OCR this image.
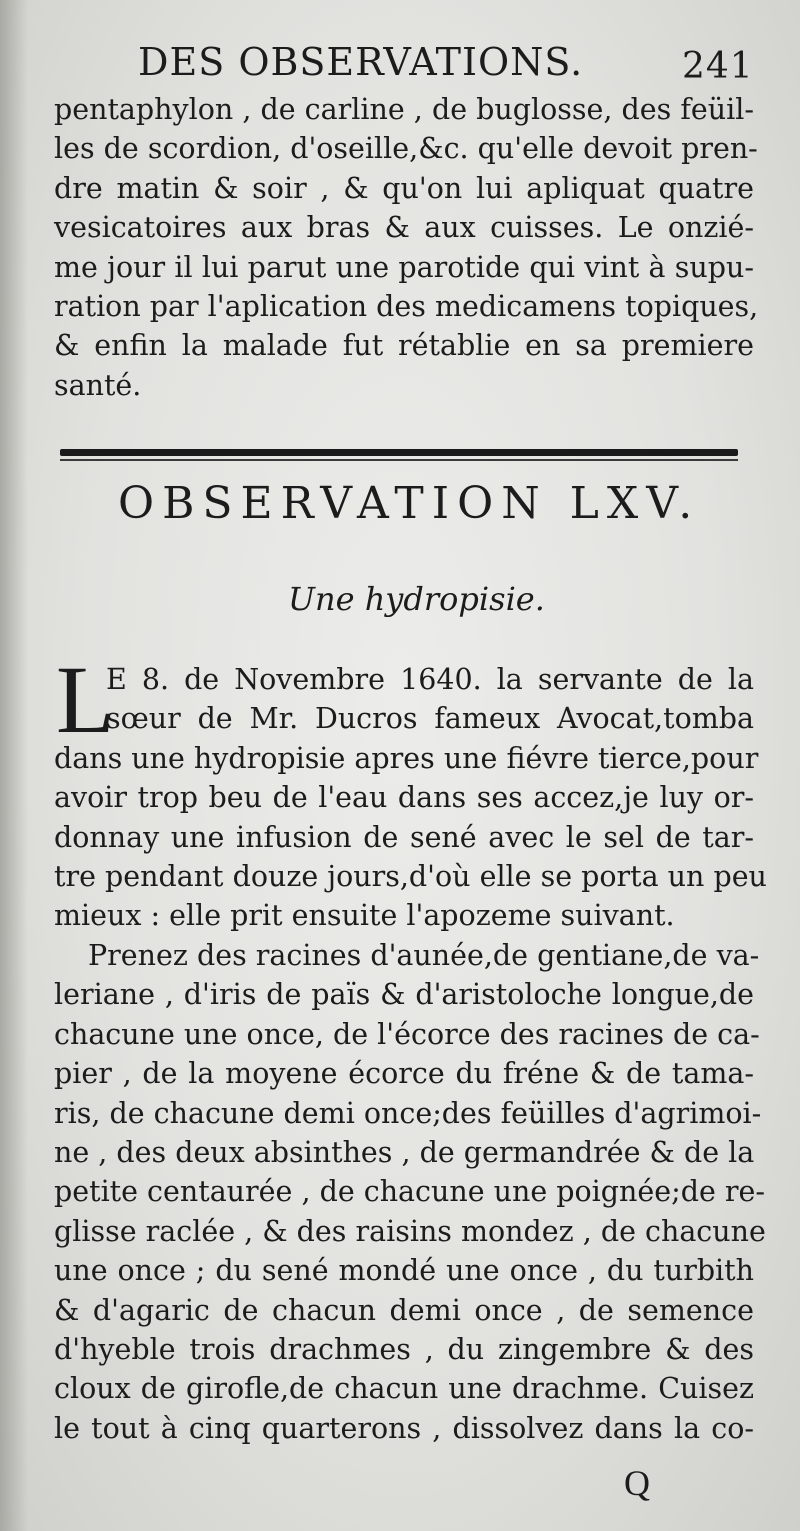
DES OBSERVATIONS.	241
pentaphylon , de carline , de buglosse, des feüil-
les de scordion, d'oseille,&c. qu'elle devoit pren-
dre matin & soir , & qu'on lui apliquat quatre
vesicatoires aux bras & aux cuisses. Le onzié-
me jour il lui parut une parotide qui vint à supu-
ration par l'aplication des medicamens topiques,
& enfin la malade fut rétablie en sa premiere
santé.
OBSERVATION LXV.
Une hydropisie.
L
E 8. de Novembre 1640. la servante de la
sœur de Mr. Ducros fameux Avocat,tomba
dans une hydropisie apres une fiévre tierce,pour
avoir trop beu de l'eau dans ses accez,je luy or-
donnay une infusion de sené avec le sel de tar-
tre pendant douze jours,d'où elle se porta un peu
mieux : elle prit ensuite l'apozeme suivant.
Prenez des racines d'aunée,de gentiane,de va-
leriane , d'iris de païs & d'aristoloche longue,de
chacune une once, de l'écorce des racines de ca-
pier , de la moyene écorce du fréne & de tama-
ris, de chacune demi once;des feüilles d'agrimoi-
ne , des deux absinthes , de germandrée & de la
petite centaurée , de chacune une poignée;de re-
glisse raclée , & des raisins mondez , de chacune
une once ; du sené mondé une once , du turbith
& d'agaric de chacun demi once , de semence
d'hyeble trois drachmes , du zingembre & des
cloux de girofle,de chacun une drachme. Cuisez
le tout à cinq quarterons , dissolvez dans la co-
Q
